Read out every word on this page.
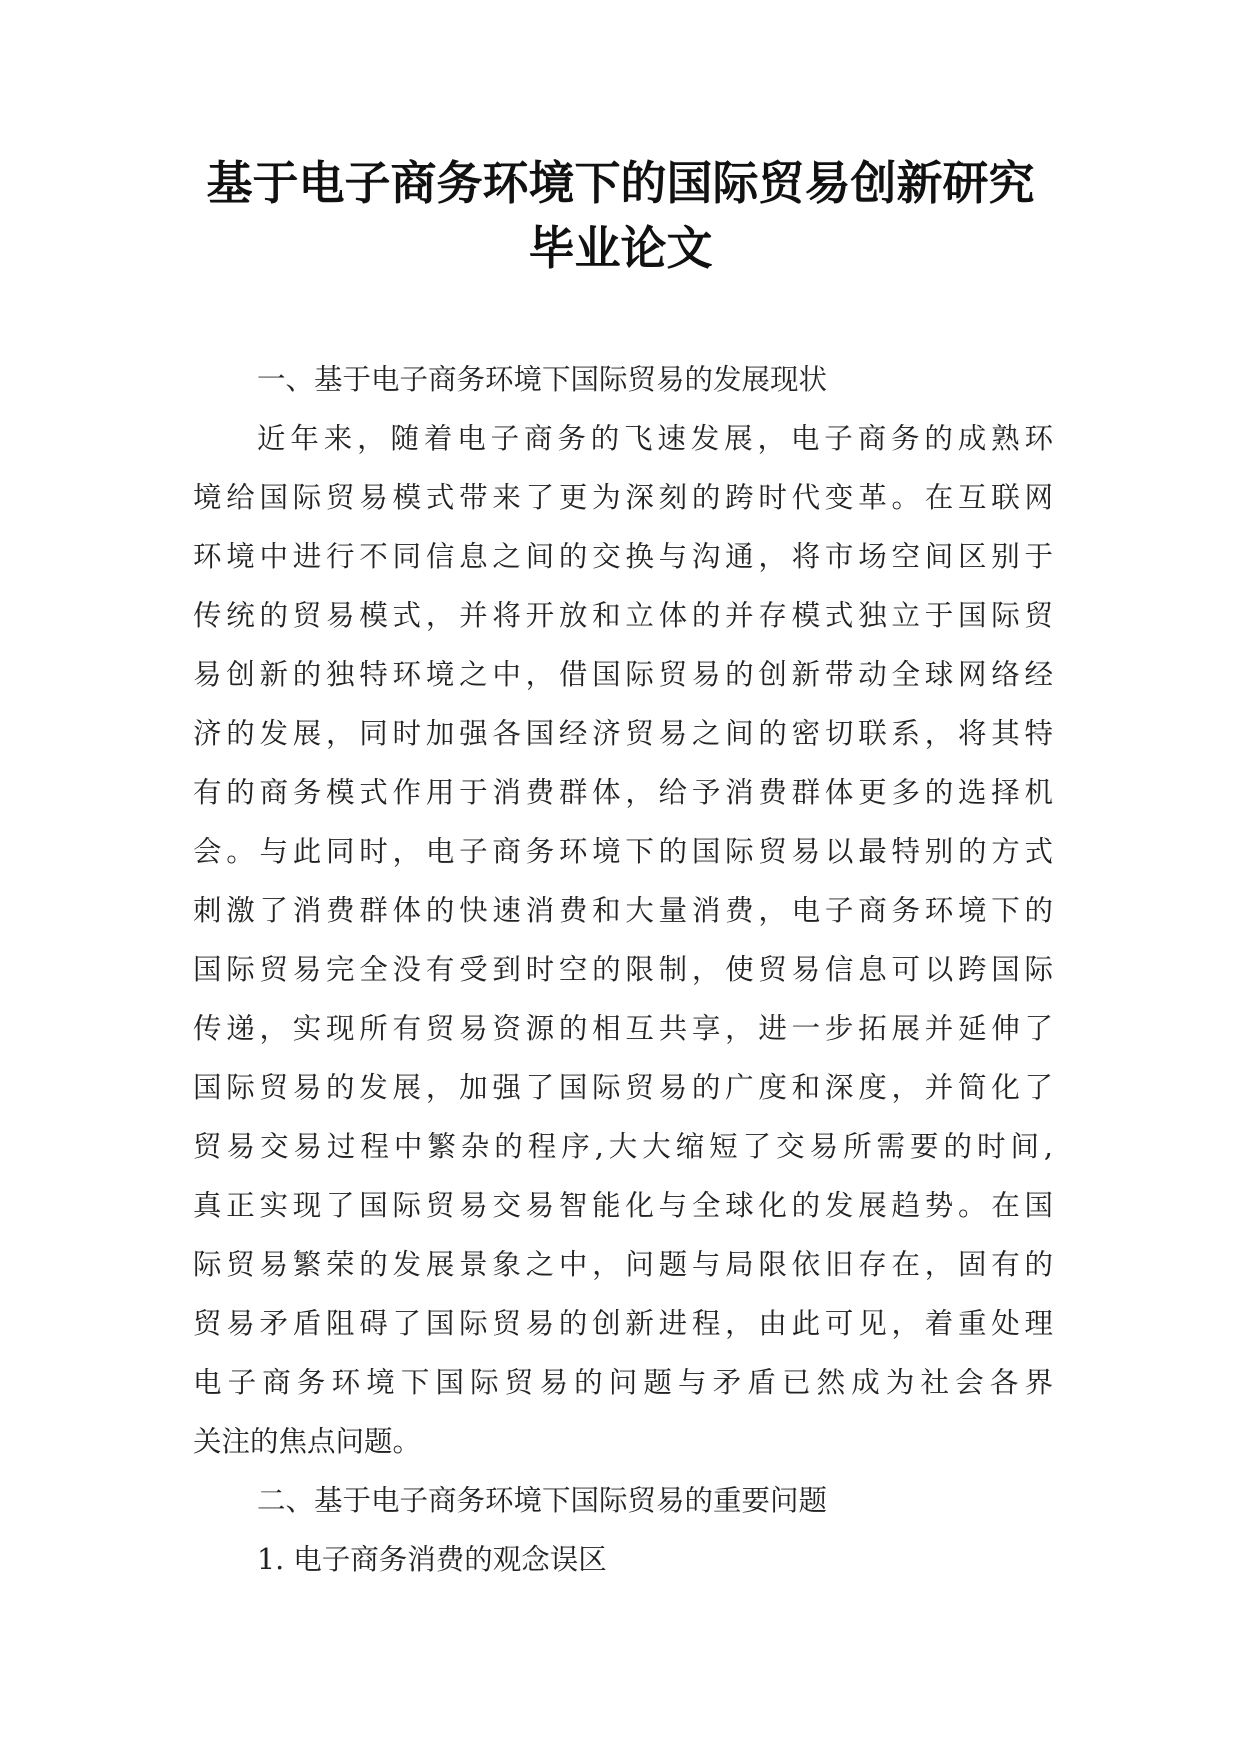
基于电子商务环境下的国际贸易创新研究
毕业论文
一、基于电子商务环境下国际贸易的发展现状

近年来，随着电子商务的飞速发展，电子商务的成熟环
境给国际贸易模式带来了更为深刻的跨时代变革。在互联网
环境中进行不同信息之间的交换与沟通，将市场空间区别于
传统的贸易模式，并将开放和立体的并存模式独立于国际贸
易创新的独特环境之中，借国际贸易的创新带动全球网络经
济的发展，同时加强各国经济贸易之间的密切联系，将其特
有的商务模式作用于消费群体，给予消费群体更多的选择机
会。与此同时，电子商务环境下的国际贸易以最特别的方式
刺激了消费群体的快速消费和大量消费，电子商务环境下的
国际贸易完全没有受到时空的限制，使贸易信息可以跨国际
传递，实现所有贸易资源的相互共享，进一步拓展并延伸了
国际贸易的发展，加强了国际贸易的广度和深度，并简化了
贸易交易过程中繁杂的程序,大大缩短了交易所需要的时间,
真正实现了国际贸易交易智能化与全球化的发展趋势。在国
际贸易繁荣的发展景象之中，问题与局限依旧存在，固有的
贸易矛盾阻碍了国际贸易的创新进程，由此可见，着重处理
电子商务环境下国际贸易的问题与矛盾已然成为社会各界
关注的焦点问题。

二、基于电子商务环境下国际贸易的重要问题
1. 电子商务消费的观念误区
